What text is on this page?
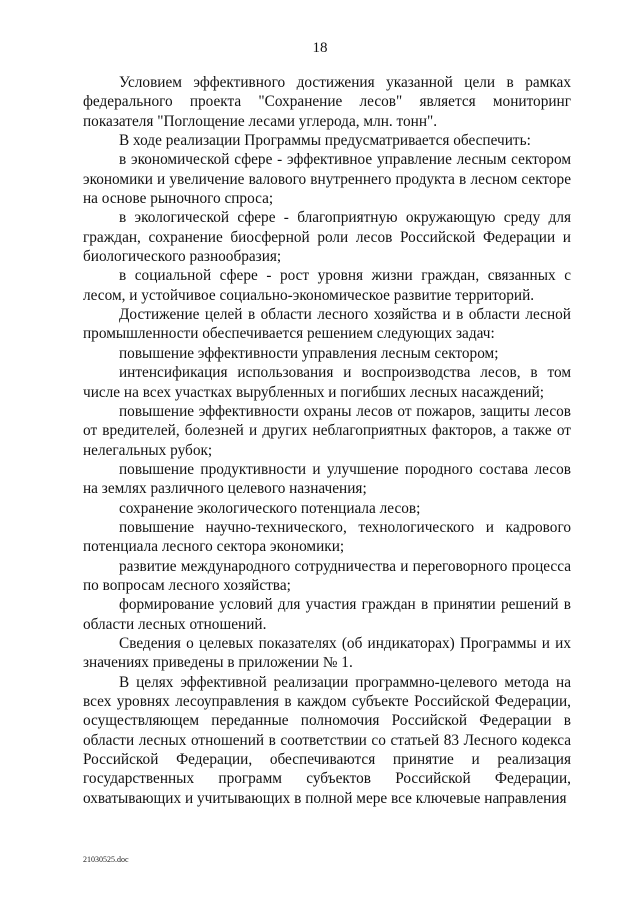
18

Условием эффективного достижения указанной цели в рамках федерального проекта "Сохранение лесов" является мониторинг показателя "Поглощение лесами углерода, млн. тонн".

В ходе реализации Программы предусматривается обеспечить:

в экономической сфере - эффективное управление лесным сектором экономики и увеличение валового внутреннего продукта в лесном секторе на основе рыночного спроса;

в экологической сфере - благоприятную окружающую среду для граждан, сохранение биосферной роли лесов Российской Федерации и биологического разнообразия;

в социальной сфере - рост уровня жизни граждан, связанных с лесом, и устойчивое социально-экономическое развитие территорий.

Достижение целей в области лесного хозяйства и в области лесной промышленности обеспечивается решением следующих задач:

повышение эффективности управления лесным сектором;

интенсификация использования и воспроизводства лесов, в том числе на всех участках вырубленных и погибших лесных насаждений;

повышение эффективности охраны лесов от пожаров, защиты лесов от вредителей, болезней и других неблагоприятных факторов, а также от нелегальных рубок;

повышение продуктивности и улучшение породного состава лесов на землях различного целевого назначения;

сохранение экологического потенциала лесов;

повышение научно-технического, технологического и кадрового потенциала лесного сектора экономики;

развитие международного сотрудничества и переговорного процесса по вопросам лесного хозяйства;

формирование условий для участия граждан в принятии решений в области лесных отношений.

Сведения о целевых показателях (об индикаторах) Программы и их значениях приведены в приложении № 1.

В целях эффективной реализации программно-целевого метода на всех уровнях лесоуправления в каждом субъекте Российской Федерации, осуществляющем переданные полномочия Российской Федерации в области лесных отношений в соответствии со статьей 83 Лесного кодекса Российской Федерации, обеспечиваются принятие и реализация государственных программ субъектов Российской Федерации, охватывающих и учитывающих в полной мере все ключевые направления

21030525.doc
